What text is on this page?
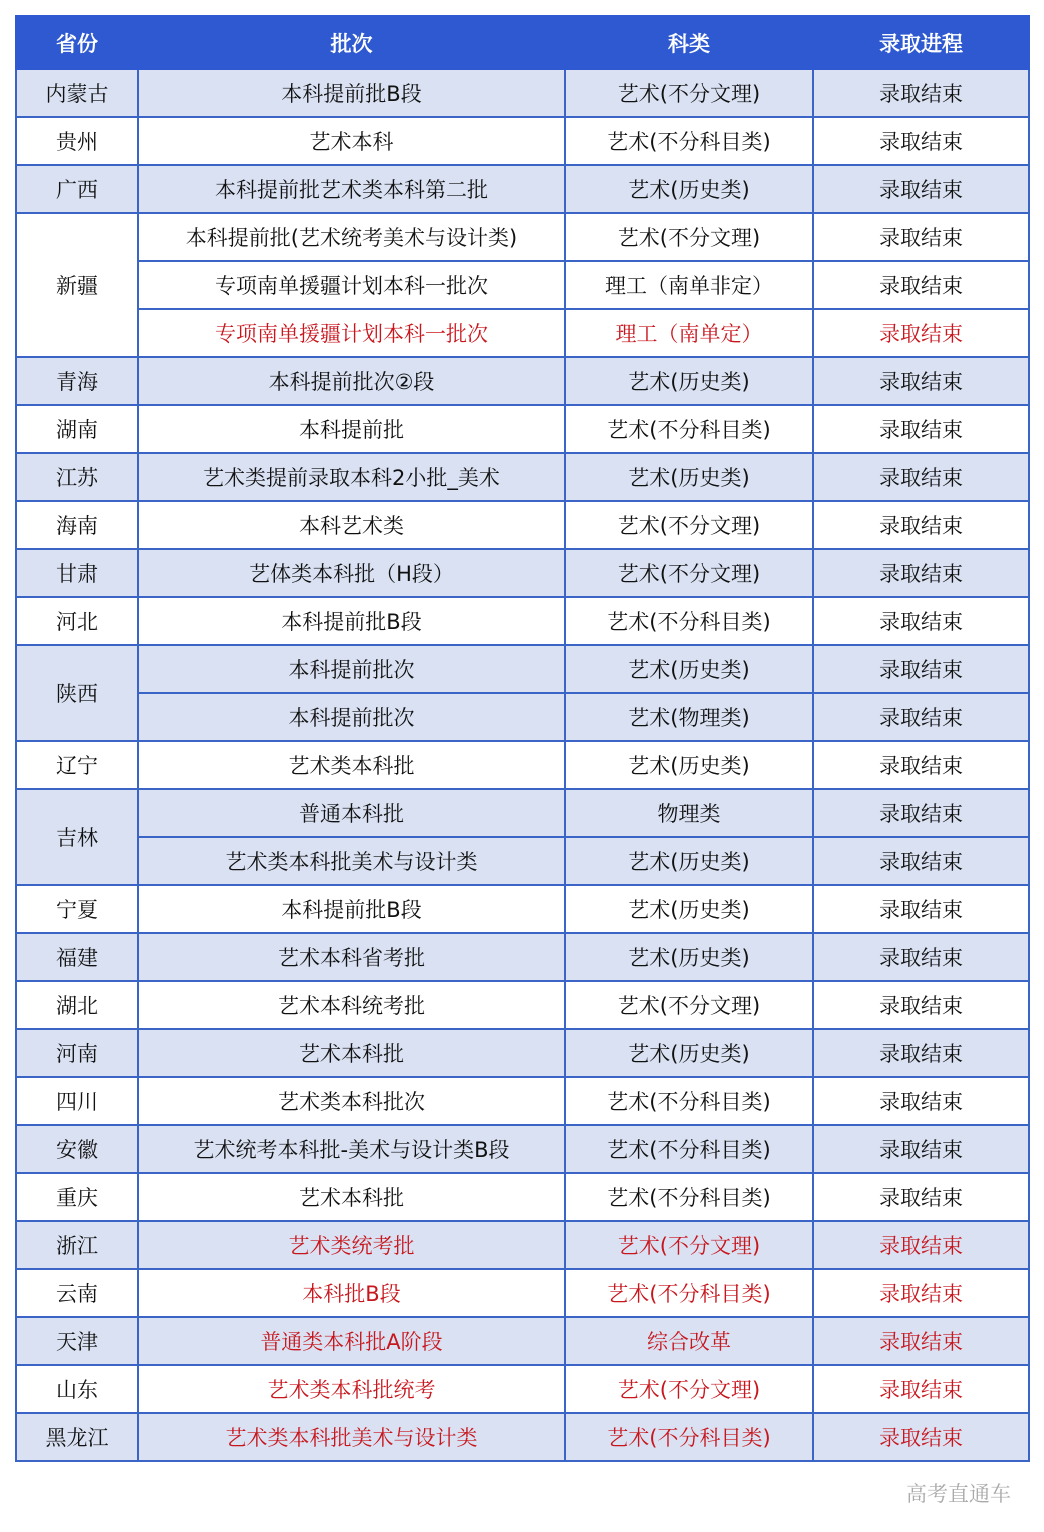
省份	批次	科类	录取进程
内蒙古	本科提前批B段	艺术(不分文理)	录取结束
贵州	艺术本科	艺术(不分科目类)	录取结束
广西	本科提前批艺术类本科第二批	艺术(历史类)	录取结束
新疆	本科提前批(艺术统考美术与设计类)	艺术(不分文理)	录取结束
	专项南单援疆计划本科一批次	理工（南单非定）	录取结束
	专项南单援疆计划本科一批次	理工（南单定）	录取结束
青海	本科提前批次②段	艺术(历史类)	录取结束
湖南	本科提前批	艺术(不分科目类)	录取结束
江苏	艺术类提前录取本科2小批_美术	艺术(历史类)	录取结束
海南	本科艺术类	艺术(不分文理)	录取结束
甘肃	艺体类本科批（H段）	艺术(不分文理)	录取结束
河北	本科提前批B段	艺术(不分科目类)	录取结束
陕西	本科提前批次	艺术(历史类)	录取结束
	本科提前批次	艺术(物理类)	录取结束
辽宁	艺术类本科批	艺术(历史类)	录取结束
吉林	普通本科批	物理类	录取结束
	艺术类本科批美术与设计类	艺术(历史类)	录取结束
宁夏	本科提前批B段	艺术(历史类)	录取结束
福建	艺术本科省考批	艺术(历史类)	录取结束
湖北	艺术本科统考批	艺术(不分文理)	录取结束
河南	艺术本科批	艺术(历史类)	录取结束
四川	艺术类本科批次	艺术(不分科目类)	录取结束
安徽	艺术统考本科批-美术与设计类B段	艺术(不分科目类)	录取结束
重庆	艺术本科批	艺术(不分科目类)	录取结束
浙江	艺术类统考批	艺术(不分文理)	录取结束
云南	本科批B段	艺术(不分科目类)	录取结束
天津	普通类本科批A阶段	综合改革	录取结束
山东	艺术类本科批统考	艺术(不分文理)	录取结束
黑龙江	艺术类本科批美术与设计类	艺术(不分科目类)	录取结束
高考直通车
